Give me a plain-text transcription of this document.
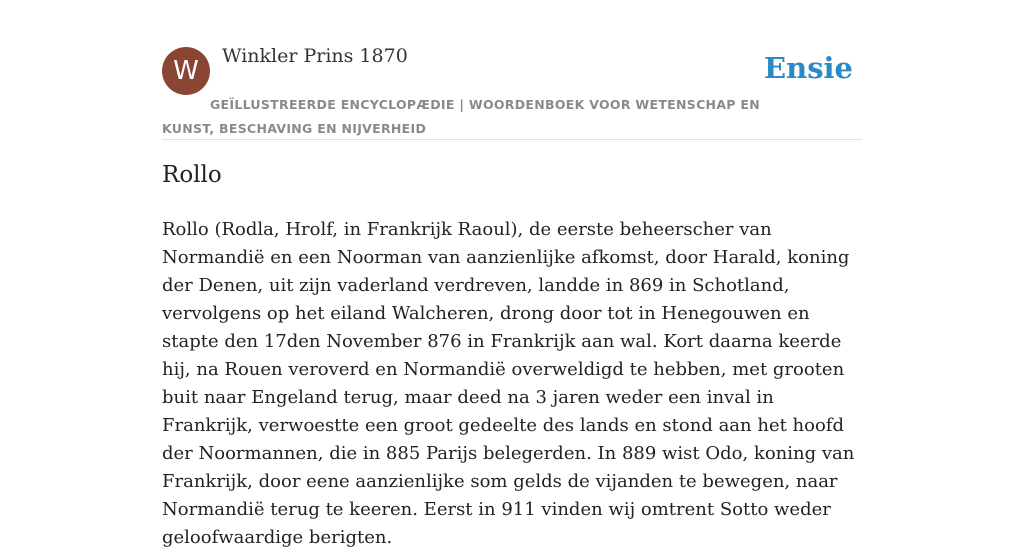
W	Winkler Prins 1870
GEÏLLUSTREERDE ENCYCLOPÆDIE | WOORDENBOEK VOOR WETENSCHAP EN KUNST, BESCHAVING EN NIJVERHEID
Ensie
Rollo

Rollo (Rodla, Hrolf, in Frankrijk Raoul), de eerste beheerscher van Normandië en een Noorman van aanzienlijke afkomst, door Harald, koning der Denen, uit zijn vaderland verdreven, landde in 869 in Schotland, vervolgens op het eiland Walcheren, drong door tot in Henegouwen en stapte den 17den November 876 in Frankrijk aan wal. Kort daarna keerde hij, na Rouen veroverd en Normandië overweldigd te hebben, met grooten buit naar Engeland terug, maar deed na 3 jaren weder een inval in Frankrijk, verwoestte een groot gedeelte des lands en stond aan het hoofd der Noormannen, die in 885 Parijs belegerden. In 889 wist Odo, koning van Frankrijk, door eene aanzienlijke som gelds de vijanden te bewegen, naar Normandië terug te keeren. Eerst in 911 vinden wij omtrent Sotto weder geloofwaardige berigten.
